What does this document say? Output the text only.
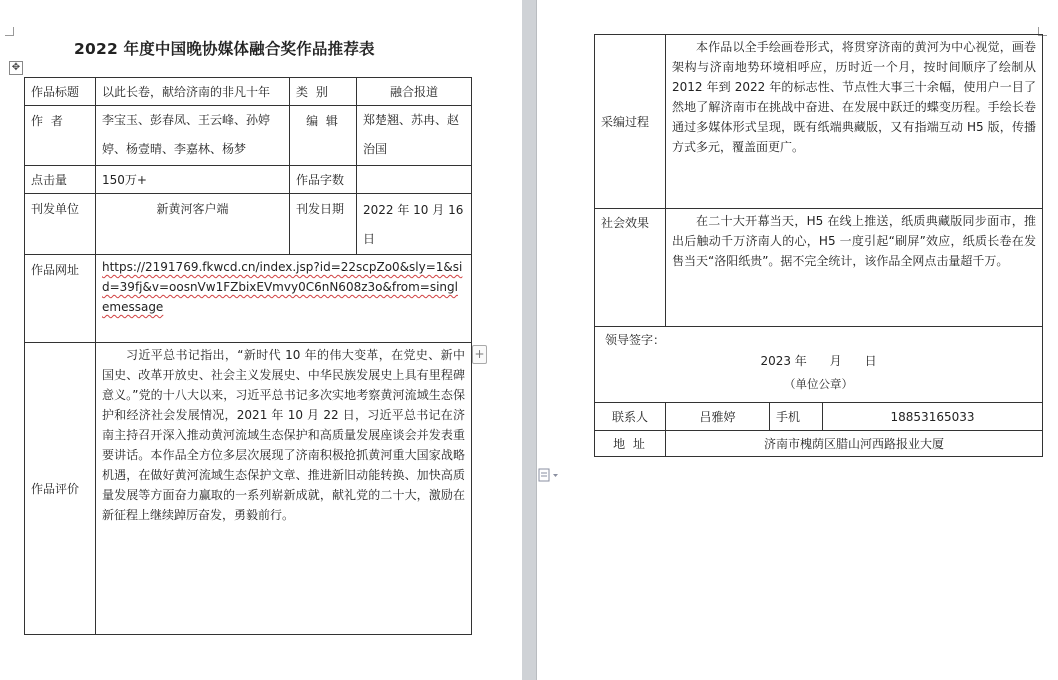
2022 年度中国晚协媒体融合奖作品推荐表
✥
作品标题	以此长卷，献给济南的非凡十年	类 别	融合报道
作 者	李宝玉、彭春凤、王云峰、孙婷婷、杨壹晴、李嘉林、杨梦	编 辑	郑楚翘、苏冉、赵治国
点击量	150万+	作品字数	
刊发单位	新黄河客户端	刊发日期	2022 年 10 月 16 日
作品网址	https://2191769.fkwcd.cn/index.jsp?id=22scpZo0&sly=1&sid=39fj&v=oosnVw1FZbixEVmvy0C6nN608z3o&from=singlemessage		
作品评价	习近平总书记指出，“新时代 10 年的伟大变革，在党史、新中国史、改革开放史、社会主义发展史、中华民族发展史上具有里程碑意义。”党的十八大以来，习近平总书记多次实地考察黄河流域生态保护和经济社会发展情况，2021 年 10 月 22 日，习近平总书记在济南主持召开深入推动黄河流域生态保护和高质量发展座谈会并发表重要讲话。本作品全方位多层次展现了济南积极抢抓黄河重大国家战略机遇，在做好黄河流域生态保护文章、推进新旧动能转换、加快高质量发展等方面奋力赢取的一系列崭新成就，献礼党的二十大，激励在新征程上继续踔厉奋发，勇毅前行。		
+
采编过程	本作品以全手绘画卷形式，将贯穿济南的黄河为中心视觉，画卷架构与济南地势环境相呼应，历时近一个月，按时间顺序了绘制从 2012 年到 2022 年的标志性、节点性大事三十余幅，使用户一目了然地了解济南市在挑战中奋进、在发展中跃迁的蝶变历程。手绘长卷通过多媒体形式呈现，既有纸端典藏版，又有指端互动 H5 版，传播方式多元，覆盖面更广。		

社会效果	在二十大开幕当天，H5 在线上推送，纸质典藏版同步面市，推出后触动千万济南人的心，H5 一度引起“刷屏”效应，纸质长卷在发售当天“洛阳纸贵”。据不完全统计，该作品全网点击量超千万。		

领导签字：
2023 年      月      日
（单位公章）			

联系人	吕雅婷	手机	18853165033
地 址	济南市槐荫区腊山河西路报业大厦		
